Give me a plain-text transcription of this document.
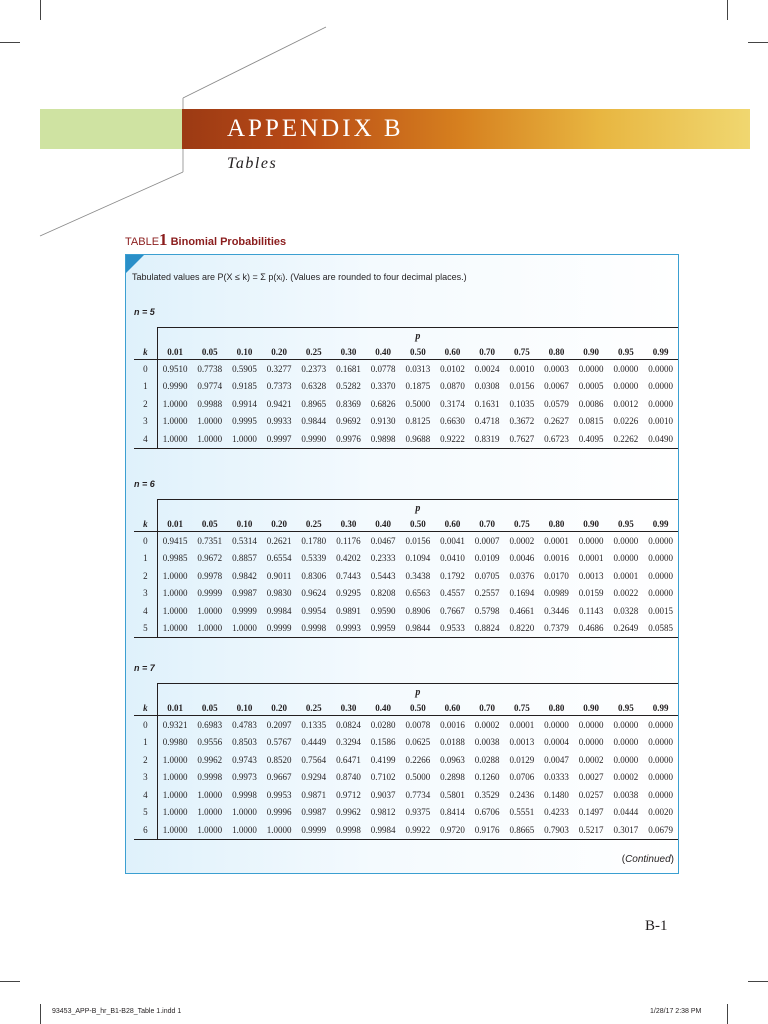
APPENDIX B
Tables
TABLE1 Binomial Probabilities
Tabulated values are P(X ≤ k) = Σ p(xᵢ). (Values are rounded to four decimal places.)
n = 5
	p														
k	0.01	0.05	0.10	0.20	0.25	0.30	0.40	0.50	0.60	0.70	0.75	0.80	0.90	0.95	0.99
0	0.9510	0.7738	0.5905	0.3277	0.2373	0.1681	0.0778	0.0313	0.0102	0.0024	0.0010	0.0003	0.0000	0.0000	0.0000
1	0.9990	0.9774	0.9185	0.7373	0.6328	0.5282	0.3370	0.1875	0.0870	0.0308	0.0156	0.0067	0.0005	0.0000	0.0000
2	1.0000	0.9988	0.9914	0.9421	0.8965	0.8369	0.6826	0.5000	0.3174	0.1631	0.1035	0.0579	0.0086	0.0012	0.0000
3	1.0000	1.0000	0.9995	0.9933	0.9844	0.9692	0.9130	0.8125	0.6630	0.4718	0.3672	0.2627	0.0815	0.0226	0.0010
4	1.0000	1.0000	1.0000	0.9997	0.9990	0.9976	0.9898	0.9688	0.9222	0.8319	0.7627	0.6723	0.4095	0.2262	0.0490
n = 6
	p														
k	0.01	0.05	0.10	0.20	0.25	0.30	0.40	0.50	0.60	0.70	0.75	0.80	0.90	0.95	0.99
0	0.9415	0.7351	0.5314	0.2621	0.1780	0.1176	0.0467	0.0156	0.0041	0.0007	0.0002	0.0001	0.0000	0.0000	0.0000
1	0.9985	0.9672	0.8857	0.6554	0.5339	0.4202	0.2333	0.1094	0.0410	0.0109	0.0046	0.0016	0.0001	0.0000	0.0000
2	1.0000	0.9978	0.9842	0.9011	0.8306	0.7443	0.5443	0.3438	0.1792	0.0705	0.0376	0.0170	0.0013	0.0001	0.0000
3	1.0000	0.9999	0.9987	0.9830	0.9624	0.9295	0.8208	0.6563	0.4557	0.2557	0.1694	0.0989	0.0159	0.0022	0.0000
4	1.0000	1.0000	0.9999	0.9984	0.9954	0.9891	0.9590	0.8906	0.7667	0.5798	0.4661	0.3446	0.1143	0.0328	0.0015
5	1.0000	1.0000	1.0000	0.9999	0.9998	0.9993	0.9959	0.9844	0.9533	0.8824	0.8220	0.7379	0.4686	0.2649	0.0585
n = 7
	p														
k	0.01	0.05	0.10	0.20	0.25	0.30	0.40	0.50	0.60	0.70	0.75	0.80	0.90	0.95	0.99
0	0.9321	0.6983	0.4783	0.2097	0.1335	0.0824	0.0280	0.0078	0.0016	0.0002	0.0001	0.0000	0.0000	0.0000	0.0000
1	0.9980	0.9556	0.8503	0.5767	0.4449	0.3294	0.1586	0.0625	0.0188	0.0038	0.0013	0.0004	0.0000	0.0000	0.0000
2	1.0000	0.9962	0.9743	0.8520	0.7564	0.6471	0.4199	0.2266	0.0963	0.0288	0.0129	0.0047	0.0002	0.0000	0.0000
3	1.0000	0.9998	0.9973	0.9667	0.9294	0.8740	0.7102	0.5000	0.2898	0.1260	0.0706	0.0333	0.0027	0.0002	0.0000
4	1.0000	1.0000	0.9998	0.9953	0.9871	0.9712	0.9037	0.7734	0.5801	0.3529	0.2436	0.1480	0.0257	0.0038	0.0000
5	1.0000	1.0000	1.0000	0.9996	0.9987	0.9962	0.9812	0.9375	0.8414	0.6706	0.5551	0.4233	0.1497	0.0444	0.0020
6	1.0000	1.0000	1.0000	1.0000	0.9999	0.9998	0.9984	0.9922	0.9720	0.9176	0.8665	0.7903	0.5217	0.3017	0.0679
(Continued)
B-1
93453_APP-B_hr_B1-B28_Table 1.indd 1	1/28/17 2:38 PM
